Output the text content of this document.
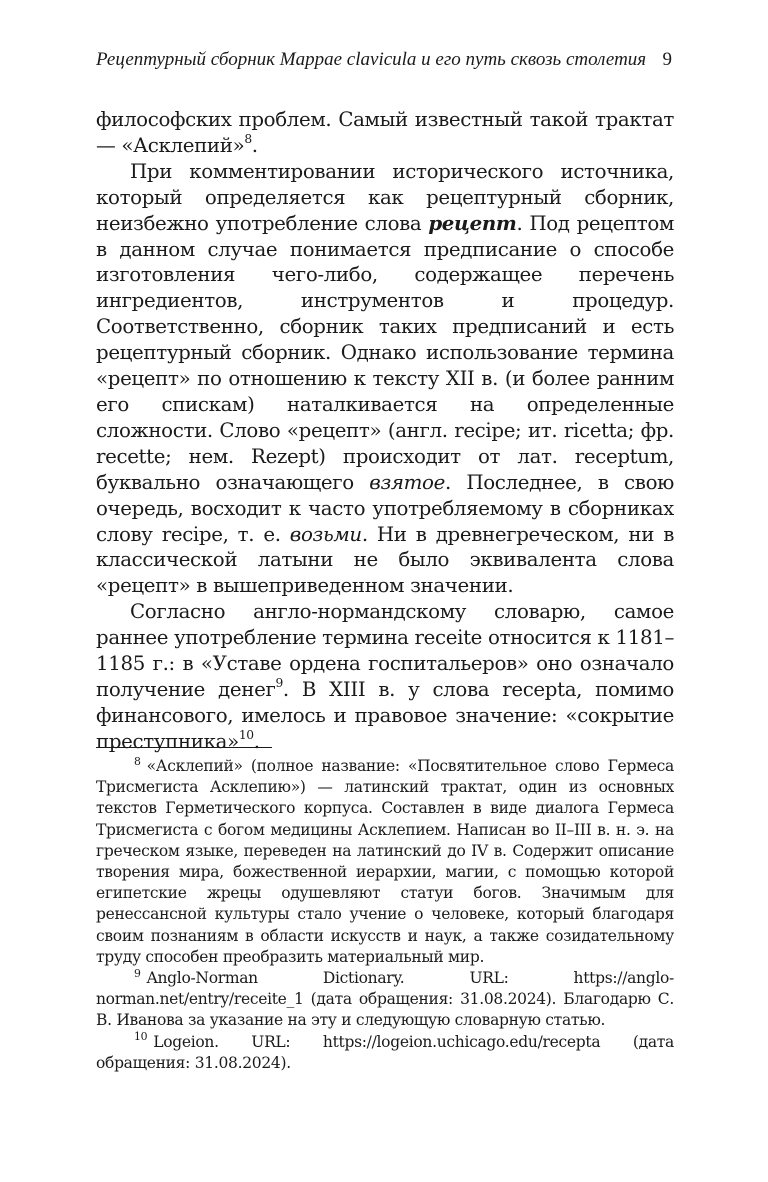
Рецептурный сборник Mappae clavicula и его путь сквозь столетия 9

философских проблем. Самый известный такой трактат — «Асклепий»$^8$.

При комментировании исторического источника, который определяется как рецептурный сборник, неизбежно употребление слова рецепт. Под рецептом в данном случае понимается предписание о способе изготовления чего-либо, содержащее перечень ингредиентов, инструментов и процедур. Соответственно, сборник таких предписаний и есть рецептурный сборник. Однако использование термина «рецепт» по отношению к тексту XII в. (и более ранним его спискам) наталкивается на определенные сложности. Слово «рецепт» (англ. recipe; ит. ricetta; фр. recette; нем. Rezept) происходит от лат. receptum, буквально означающего взятое. Последнее, в свою очередь, восходит к часто употребляемому в сборниках слову recipe, т. е. возьми. Ни в древнегреческом, ни в классической латыни не было эквивалента слова «рецепт» в вышеприведенном значении.

Согласно англо-нормандскому словарю, самое раннее употребление термина receite относится к 1181–1185 г.: в «Уставе ордена госпитальеров» оно означало получение денег$^9$. В XIII в. у слова recepta, помимо финансового, имелось и правовое значение: «сокрытие преступника»$^{10}$.

$^8$ «Асклепий» (полное название: «Посвятительное слово Гермеса Трисмегиста Асклепию») — латинский трактат, один из основных текстов Герметического корпуса. Составлен в виде диалога Гермеса Трисмегиста с богом медицины Асклепием. Написан во II–III в. н. э. на греческом языке, переведен на латинский до IV в. Содержит описание творения мира, божественной иерархии, магии, с помощью которой египетские жрецы одушевляют статуи богов. Значимым для ренессансной культуры стало учение о человеке, который благодаря своим познаниям в области искусств и наук, а также созидательному труду способен преобразить материальный мир.

$^9$ Anglo-Norman Dictionary. URL: https://anglo-norman.net/entry/receite_1 (дата обращения: 31.08.2024). Благодарю С. В. Иванова за указание на эту и следующую словарную статью.

$^{10}$ Logeion. URL: https://logeion.uchicago.edu/recepta (дата обращения: 31.08.2024).
